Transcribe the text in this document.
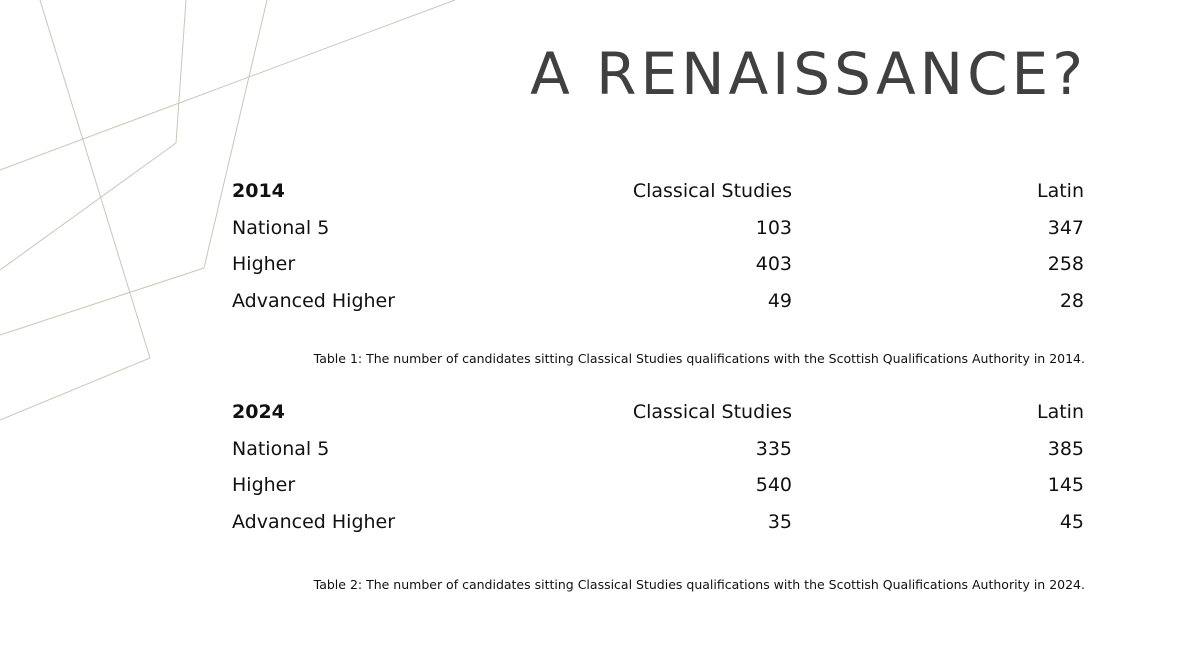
A RENAISSANCE?
2014	Classical Studies	Latin
National 5	103	347
Higher	403	258
Advanced Higher	49	28

Table 1: The number of candidates sitting Classical Studies qualifications with the Scottish Qualifications Authority in 2014.

2024	Classical Studies	Latin
National 5	335	385
Higher	540	145
Advanced Higher	35	45

Table 2: The number of candidates sitting Classical Studies qualifications with the Scottish Qualifications Authority in 2024.
